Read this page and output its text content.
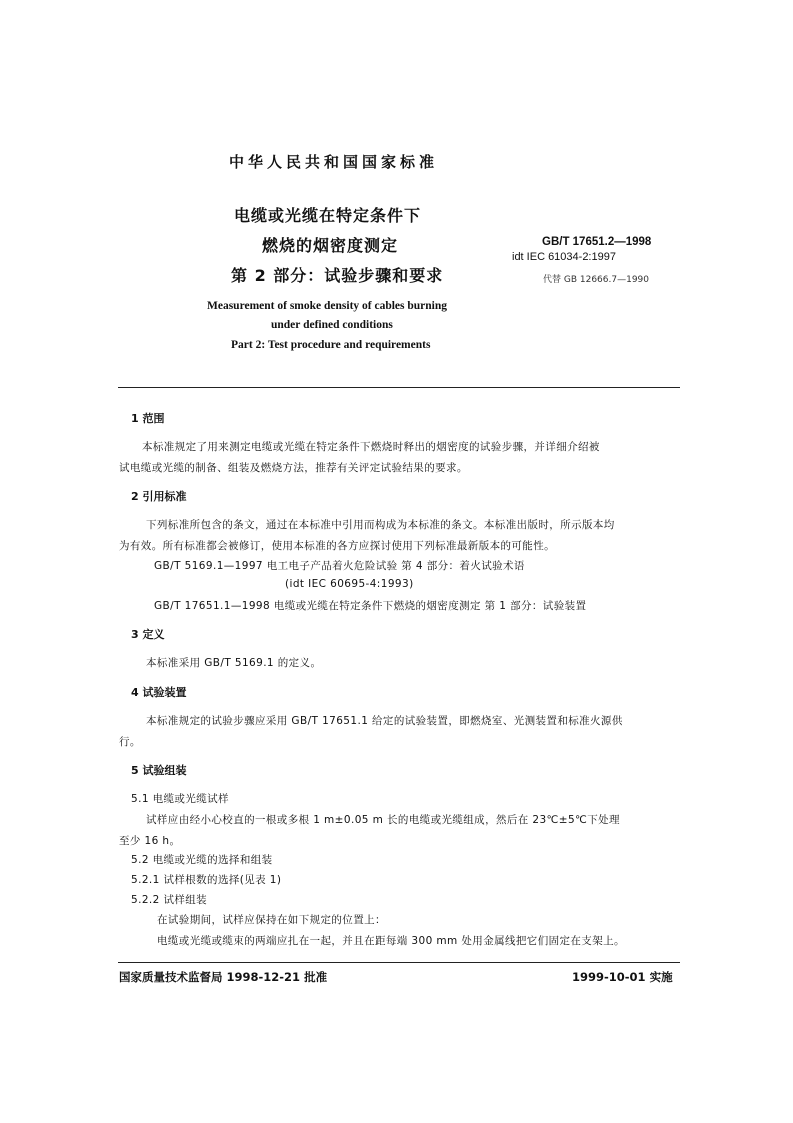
中华人民共和国国家标准
电缆或光缆在特定条件下
燃烧的烟密度测定
第 2 部分：试验步骤和要求
GB/T 17651.2—1998
idt IEC 61034-2:1997
代替 GB 12666.7—1990
Measurement of smoke density of cables burning
under defined conditions
Part 2: Test procedure and requirements
1 范围
本标准规定了用来测定电缆或光缆在特定条件下燃烧时释出的烟密度的试验步骤，并详细介绍被
试电缆或光缆的制备、组装及燃烧方法，推荐有关评定试验结果的要求。
2 引用标准
下列标准所包含的条文，通过在本标准中引用而构成为本标准的条文。本标准出版时，所示版本均
为有效。所有标准都会被修订，使用本标准的各方应探讨使用下列标准最新版本的可能性。
GB/T 5169.1—1997 电工电子产品着火危险试验 第 4 部分：着火试验术语
(idt IEC 60695-4:1993)
GB/T 17651.1—1998 电缆或光缆在特定条件下燃烧的烟密度测定 第 1 部分：试验装置
3 定义
本标准采用 GB/T 5169.1 的定义。
4 试验装置
本标准规定的试验步骤应采用 GB/T 17651.1 给定的试验装置，即燃烧室、光测装置和标准火源供
行。
5 试验组装
5.1 电缆或光缆试样
试样应由经小心校直的一根或多根 1 m±0.05 m 长的电缆或光缆组成，然后在 23℃±5℃下处理
至少 16 h。
5.2 电缆或光缆的选择和组装
5.2.1 试样根数的选择(见表 1)
5.2.2 试样组装
在试验期间，试样应保持在如下规定的位置上：
电缆或光缆或缆束的两端应扎在一起，并且在距每端 300 mm 处用金属线把它们固定在支架上。
国家质量技术监督局 1998-12-21 批准	1999-10-01 实施
